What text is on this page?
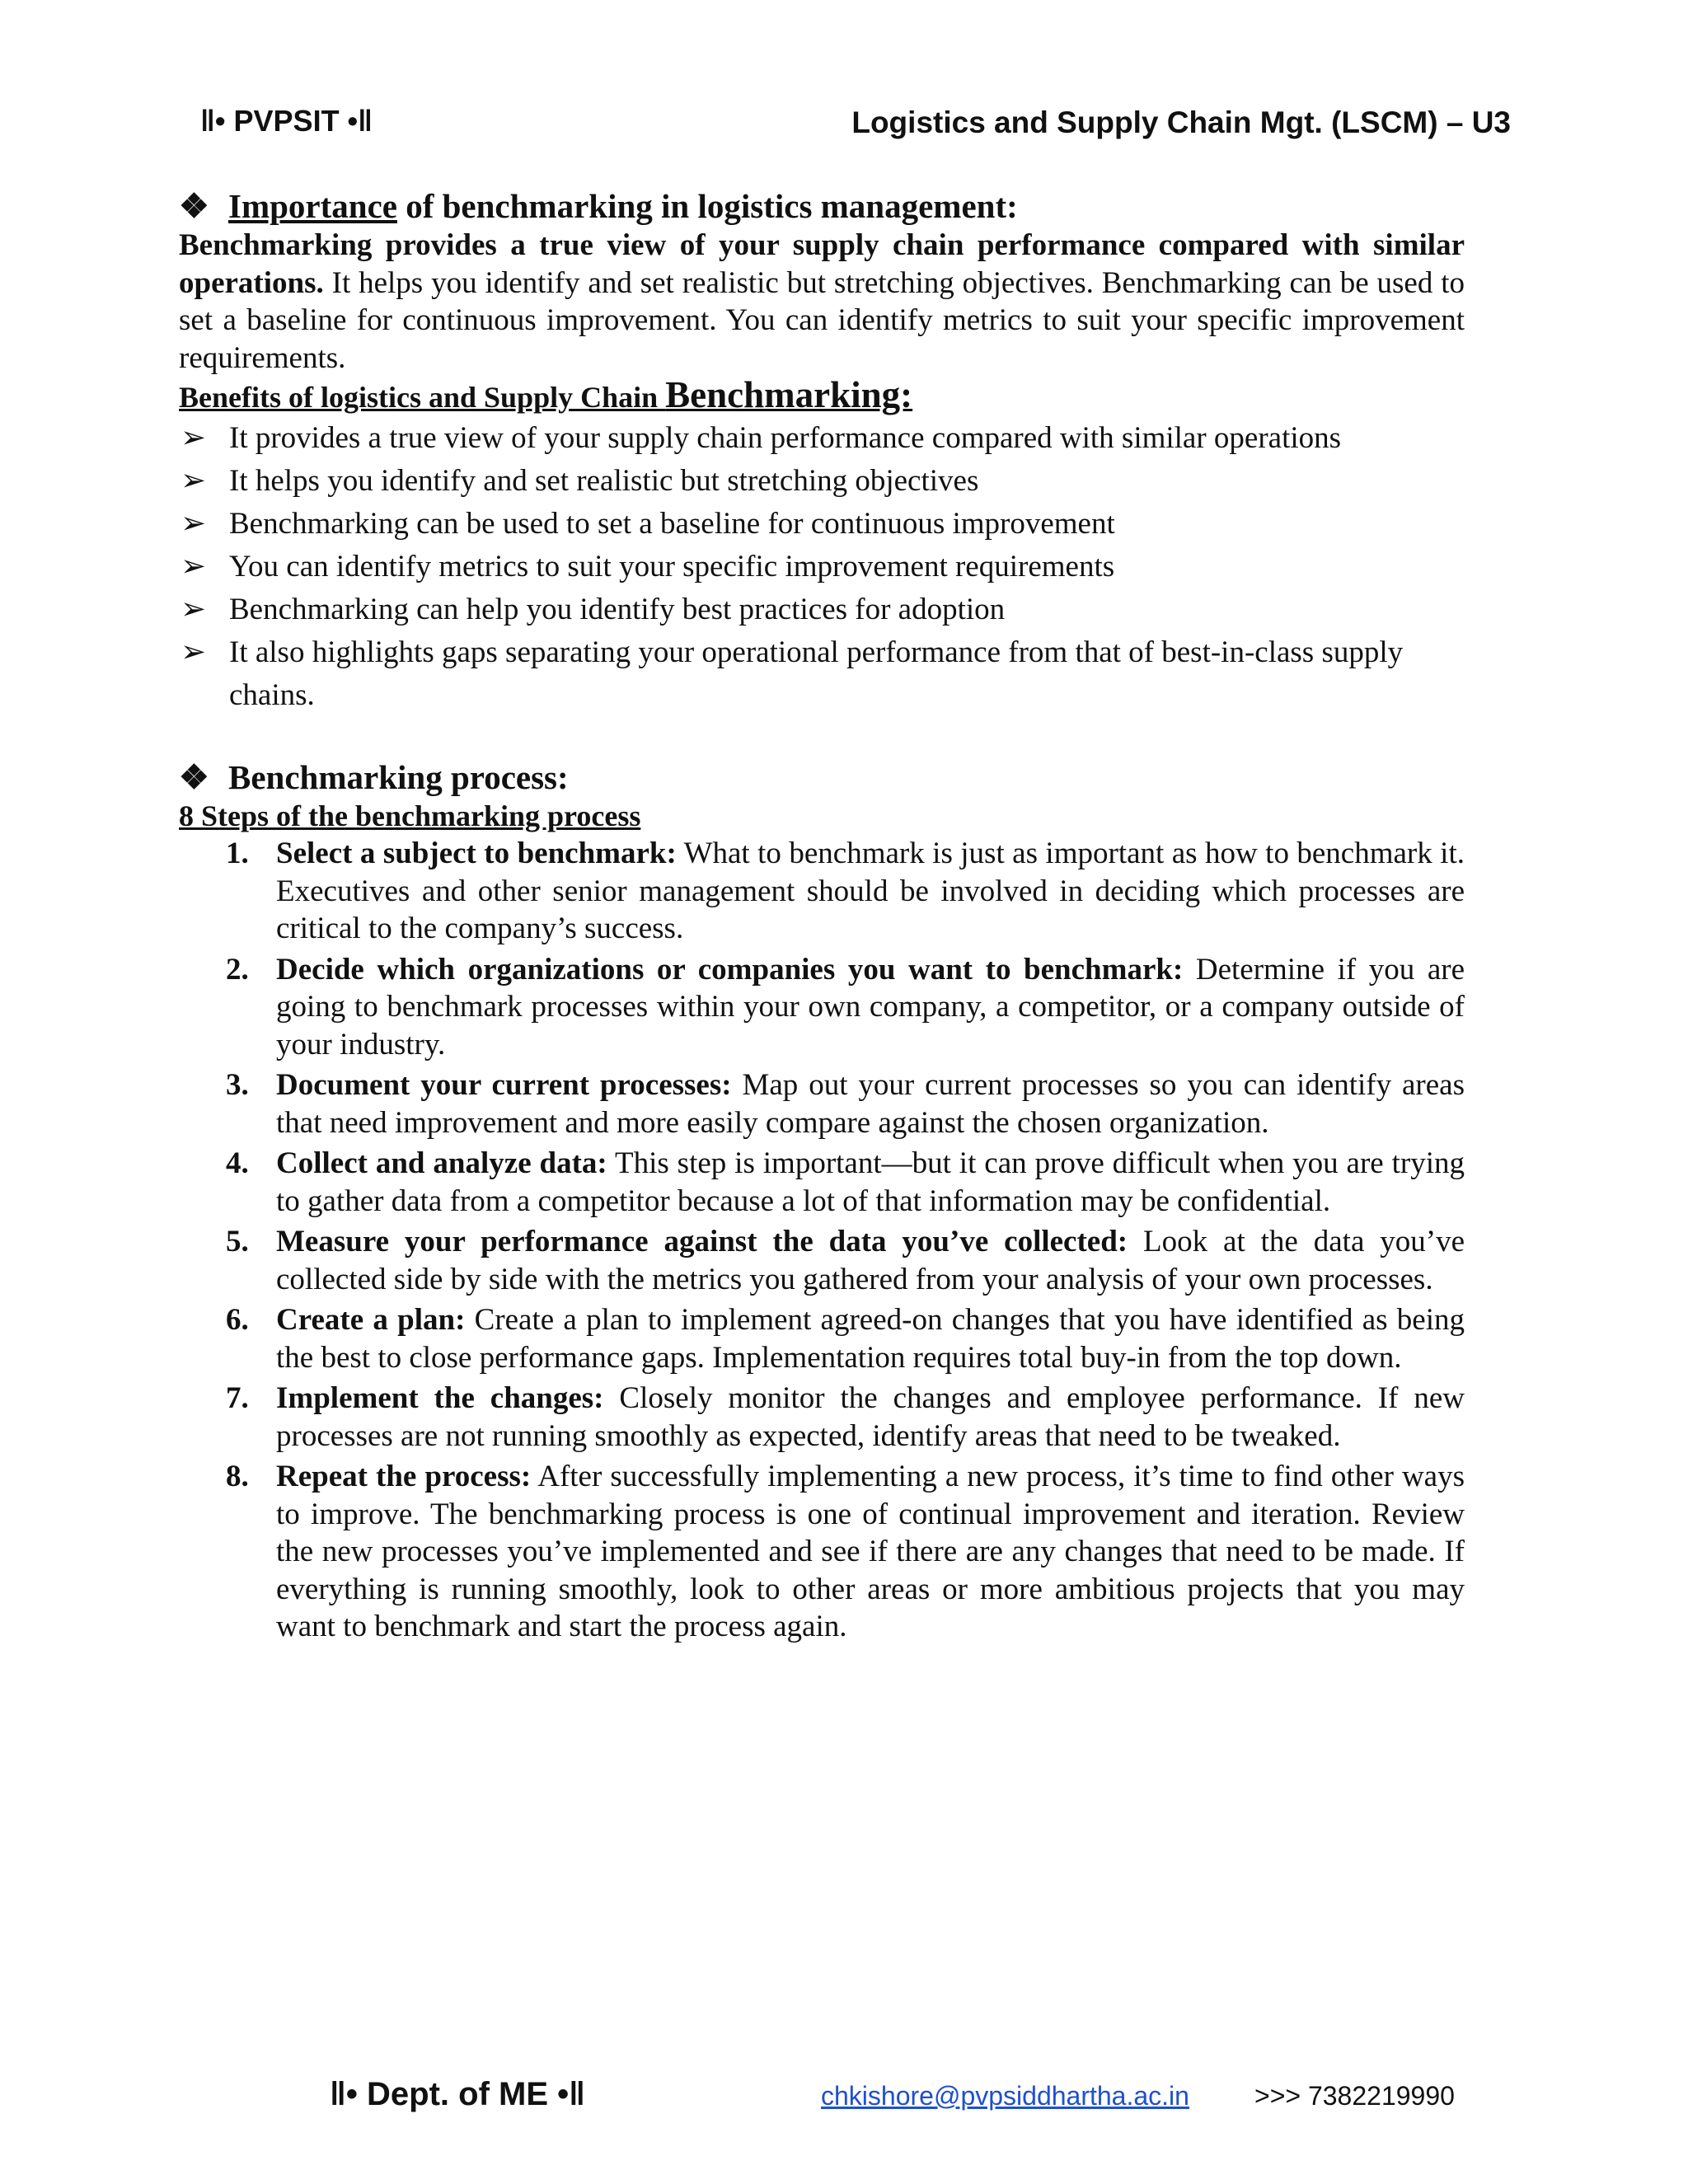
‖• PVPSIT •‖	Logistics and Supply Chain Mgt. (LSCM) – U3
❖ Importance of benchmarking in logistics management:

Benchmarking provides a true view of your supply chain performance compared with similar operations. It helps you identify and set realistic but stretching objectives. Benchmarking can be used to set a baseline for continuous improvement. You can identify metrics to suit your specific improvement requirements.

Benefits of logistics and Supply Chain Benchmarking:

➢ It provides a true view of your supply chain performance compared with similar operations
➢ It helps you identify and set realistic but stretching objectives
➢ Benchmarking can be used to set a baseline for continuous improvement
➢ You can identify metrics to suit your specific improvement requirements
➢ Benchmarking can help you identify best practices for adoption
➢ It also highlights gaps separating your operational performance from that of best-in-class supply chains.
❖ Benchmarking process:

8 Steps of the benchmarking process

1. Select a subject to benchmark: What to benchmark is just as important as how to benchmark it. Executives and other senior management should be involved in deciding which processes are critical to the company’s success.
2. Decide which organizations or companies you want to benchmark: Determine if you are going to benchmark processes within your own company, a competitor, or a company outside of your industry.
3. Document your current processes: Map out your current processes so you can identify areas that need improvement and more easily compare against the chosen organization.
4. Collect and analyze data: This step is important—but it can prove difficult when you are trying to gather data from a competitor because a lot of that information may be confidential.
5. Measure your performance against the data you’ve collected: Look at the data you’ve collected side by side with the metrics you gathered from your analysis of your own processes.
6. Create a plan: Create a plan to implement agreed-on changes that you have identified as being the best to close performance gaps. Implementation requires total buy-in from the top down.
7. Implement the changes: Closely monitor the changes and employee performance. If new processes are not running smoothly as expected, identify areas that need to be tweaked.
8. Repeat the process: After successfully implementing a new process, it’s time to find other ways to improve. The benchmarking process is one of continual improvement and iteration. Review the new processes you’ve implemented and see if there are any changes that need to be made. If everything is running smoothly, look to other areas or more ambitious projects that you may want to benchmark and start the process again.
‖• Dept. of ME •‖	chkishore@pvpsiddhartha.ac.in >>> 7382219990
